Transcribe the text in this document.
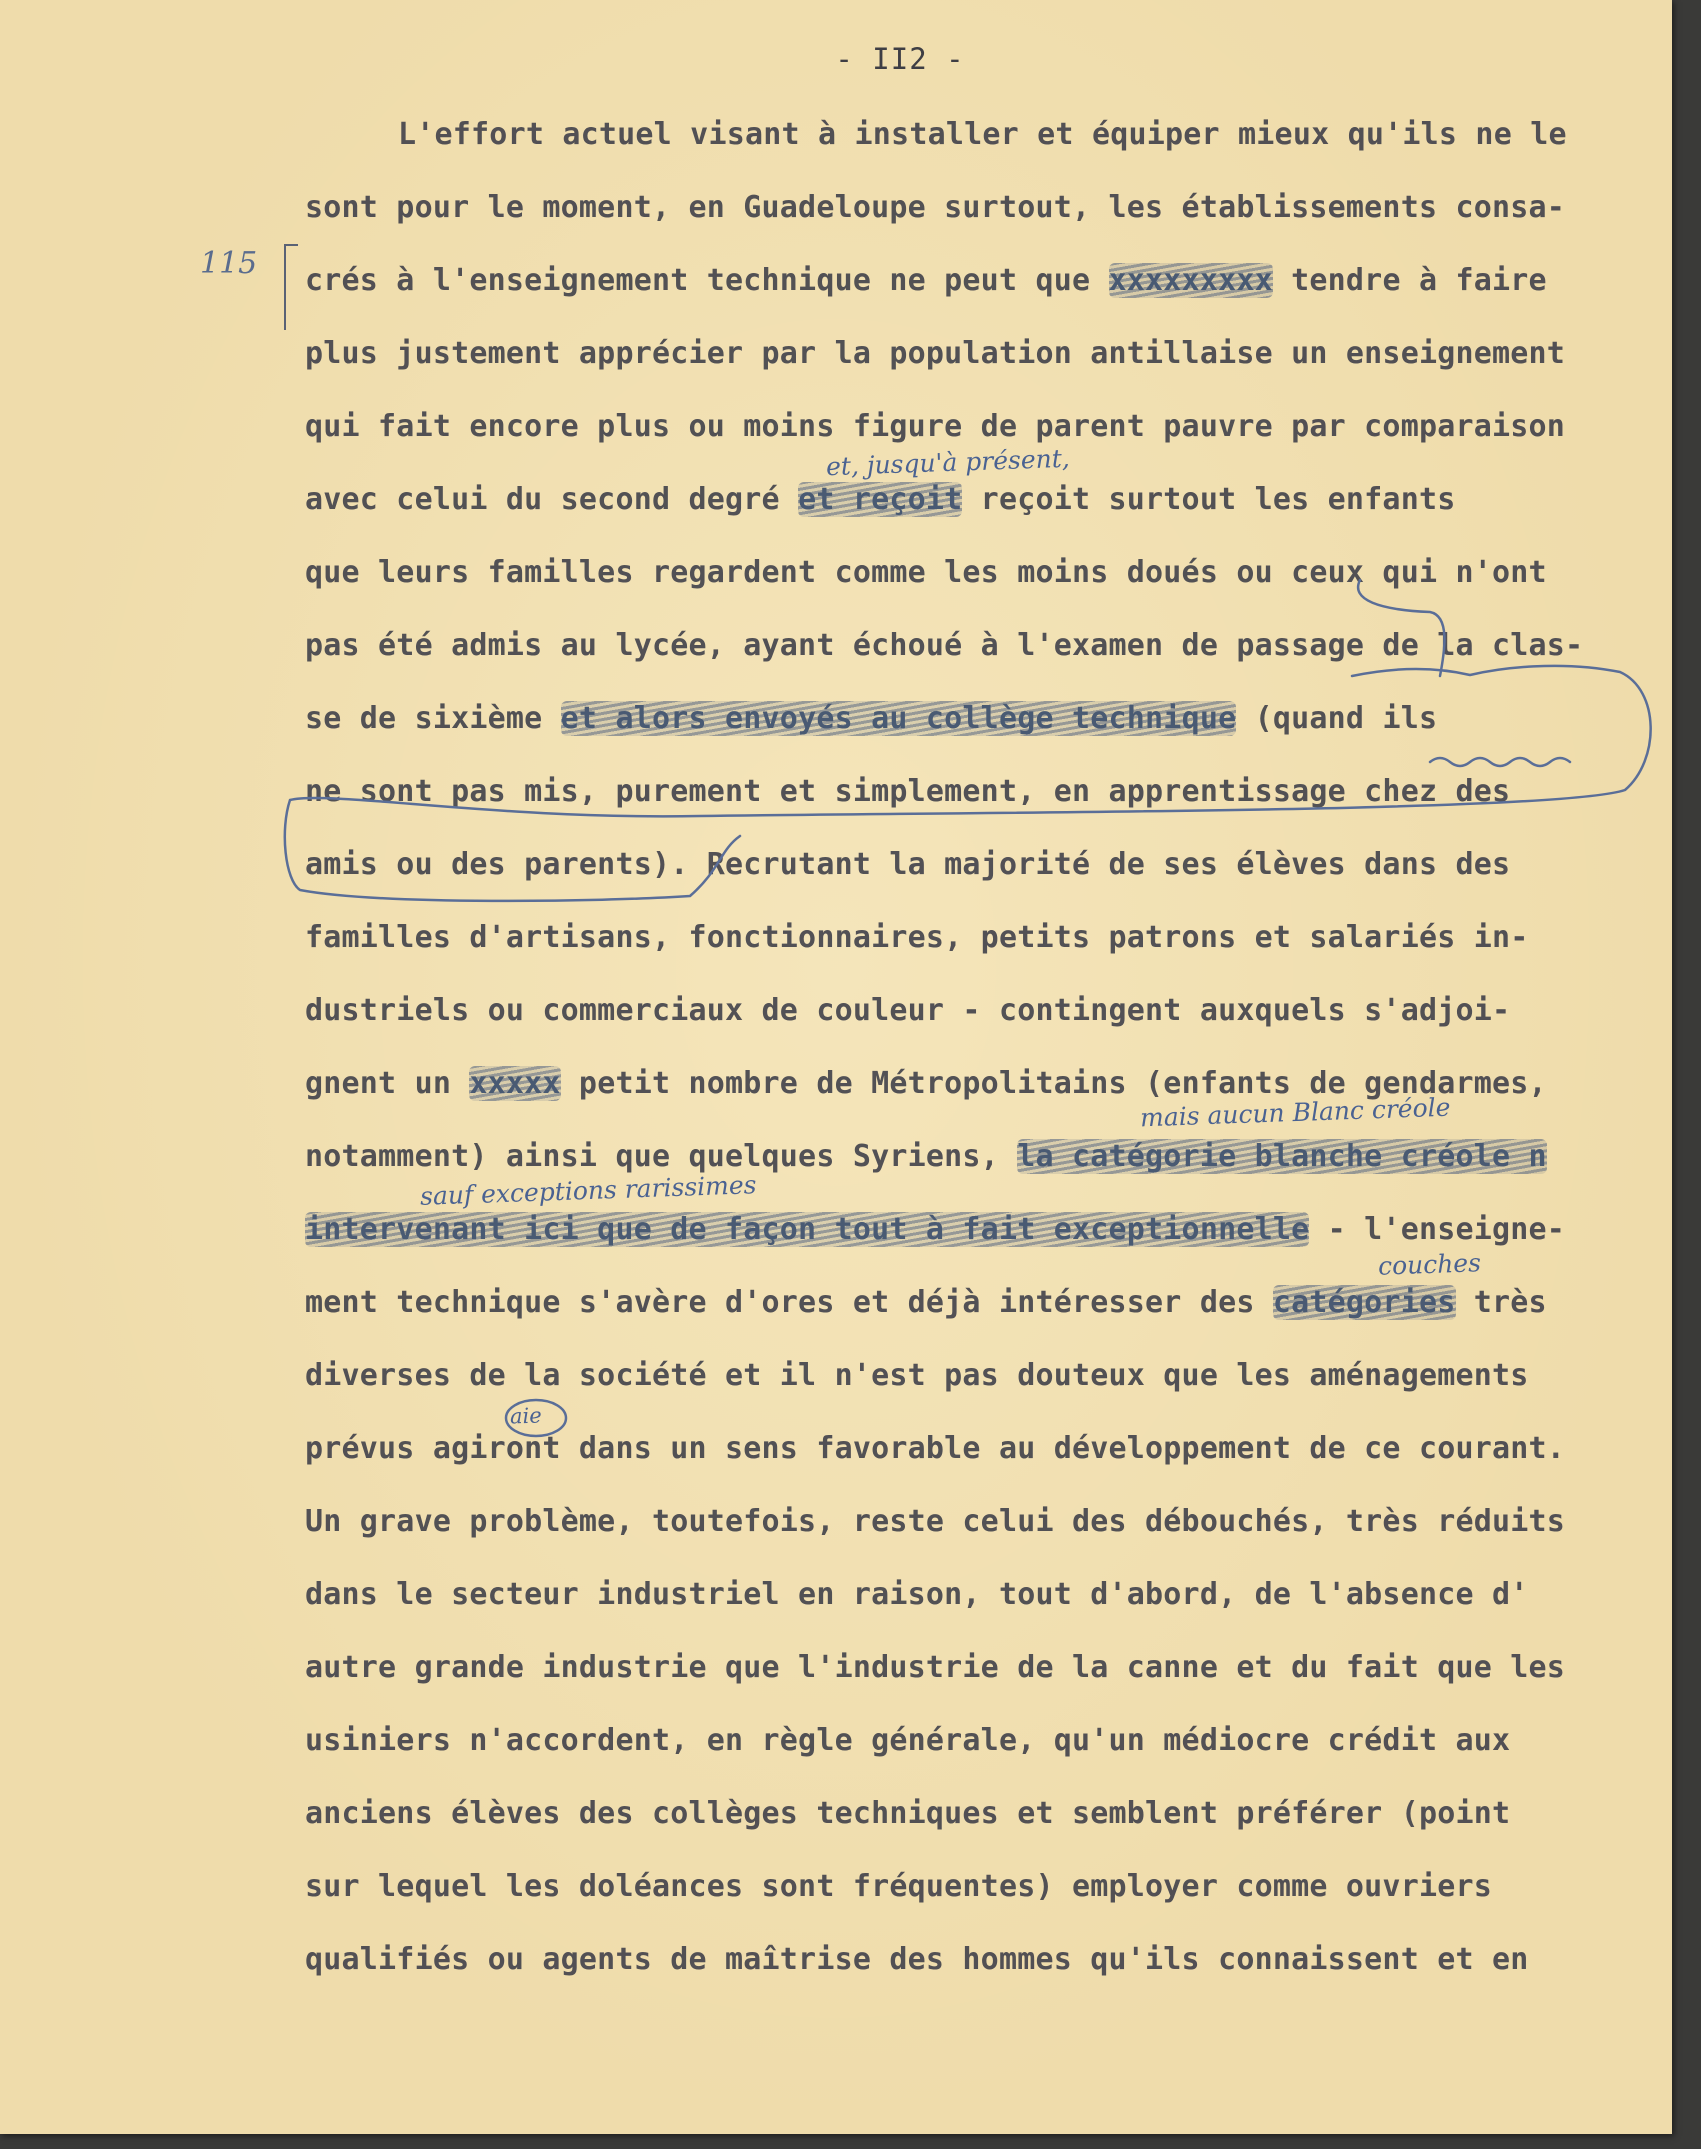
- II2 -
115
L'effort actuel visant à installer et équiper mieux qu'ils ne le
sont pour le moment, en Guadeloupe surtout, les établissements consa-
crés à l'enseignement technique ne peut que xxxxxxxxx tendre à faire
plus justement apprécier par la population antillaise un enseignement
qui fait encore plus ou moins figure de parent pauvre par comparaison
avec celui du second degré et reçoit reçoit surtout les enfants
que leurs familles regardent comme les moins doués ou ceux qui n'ont
pas été admis au lycée, ayant échoué à l'examen de passage de la clas-
se de sixième et alors envoyés au collège technique (quand ils
ne sont pas mis, purement et simplement, en apprentissage chez des
amis ou des parents). Recrutant la majorité de ses élèves dans des
familles d'artisans, fonctionnaires, petits patrons et salariés in-
dustriels ou commerciaux de couleur - contingent auxquels s'adjoi-
gnent un xxxxx petit nombre de Métropolitains (enfants de gendarmes,
notamment) ainsi que quelques Syriens, la catégorie blanche créole n
intervenant ici que de façon tout à fait exceptionnelle - l'enseigne-
ment technique s'avère d'ores et déjà intéresser des catégories très
diverses de la société et il n'est pas douteux que les aménagements
prévus agiront dans un sens favorable au développement de ce courant.
Un grave problème, toutefois, reste celui des débouchés, très réduits
dans le secteur industriel en raison, tout d'abord, de l'absence d'
autre grande industrie que l'industrie de la canne et du fait que les
usiniers n'accordent, en règle générale, qu'un médiocre crédit aux
anciens élèves des collèges techniques et semblent préférer (point
sur lequel les doléances sont fréquentes) employer comme ouvriers
qualifiés ou agents de maîtrise des hommes qu'ils connaissent et en
et, jusqu'à présent,
mais aucun Blanc créole
sauf exceptions rarissimes
couches
aie
